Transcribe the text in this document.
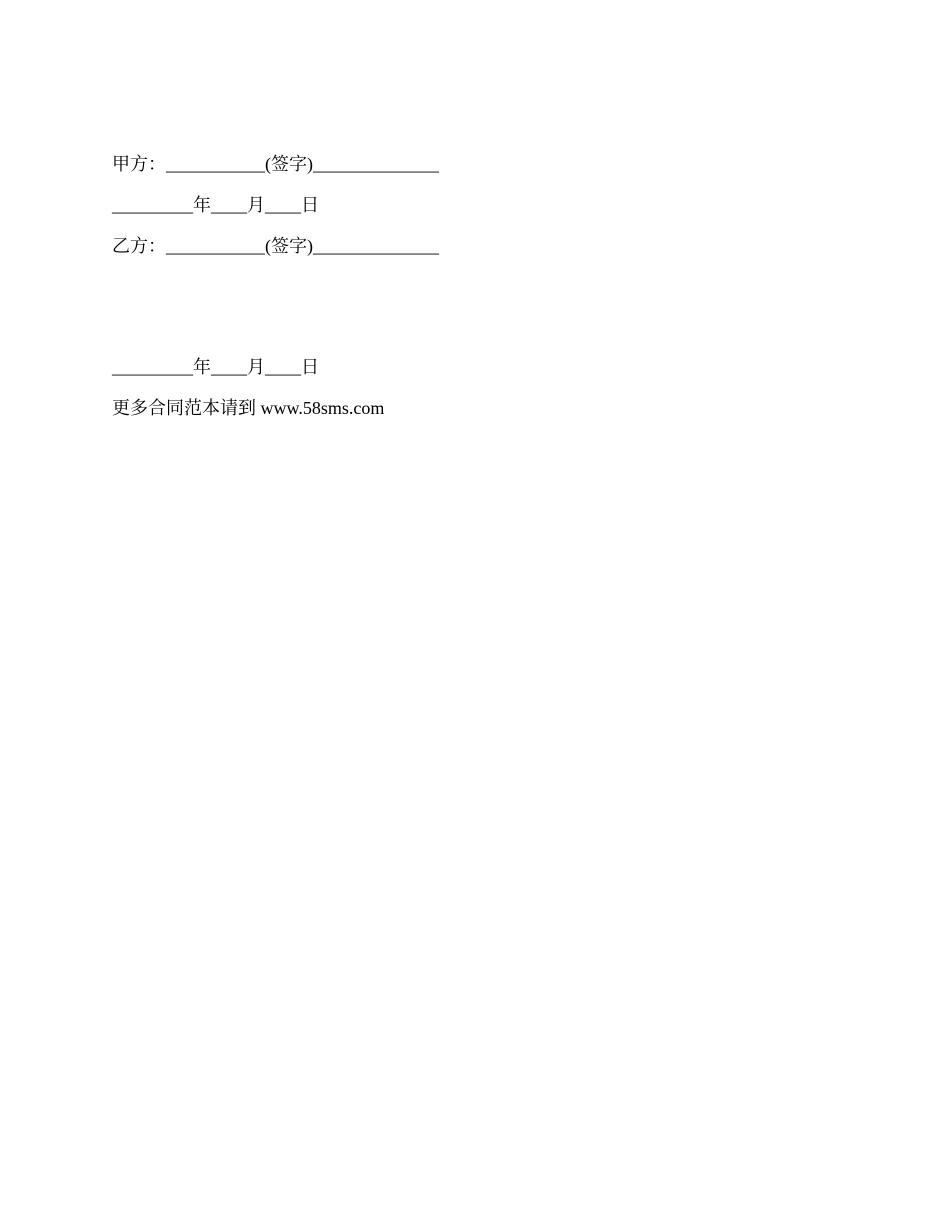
甲方：___________(签字)______________
_________年____月____日
乙方：___________(签字)______________
_________年____月____日
更多合同范本请到 www.58sms.com
